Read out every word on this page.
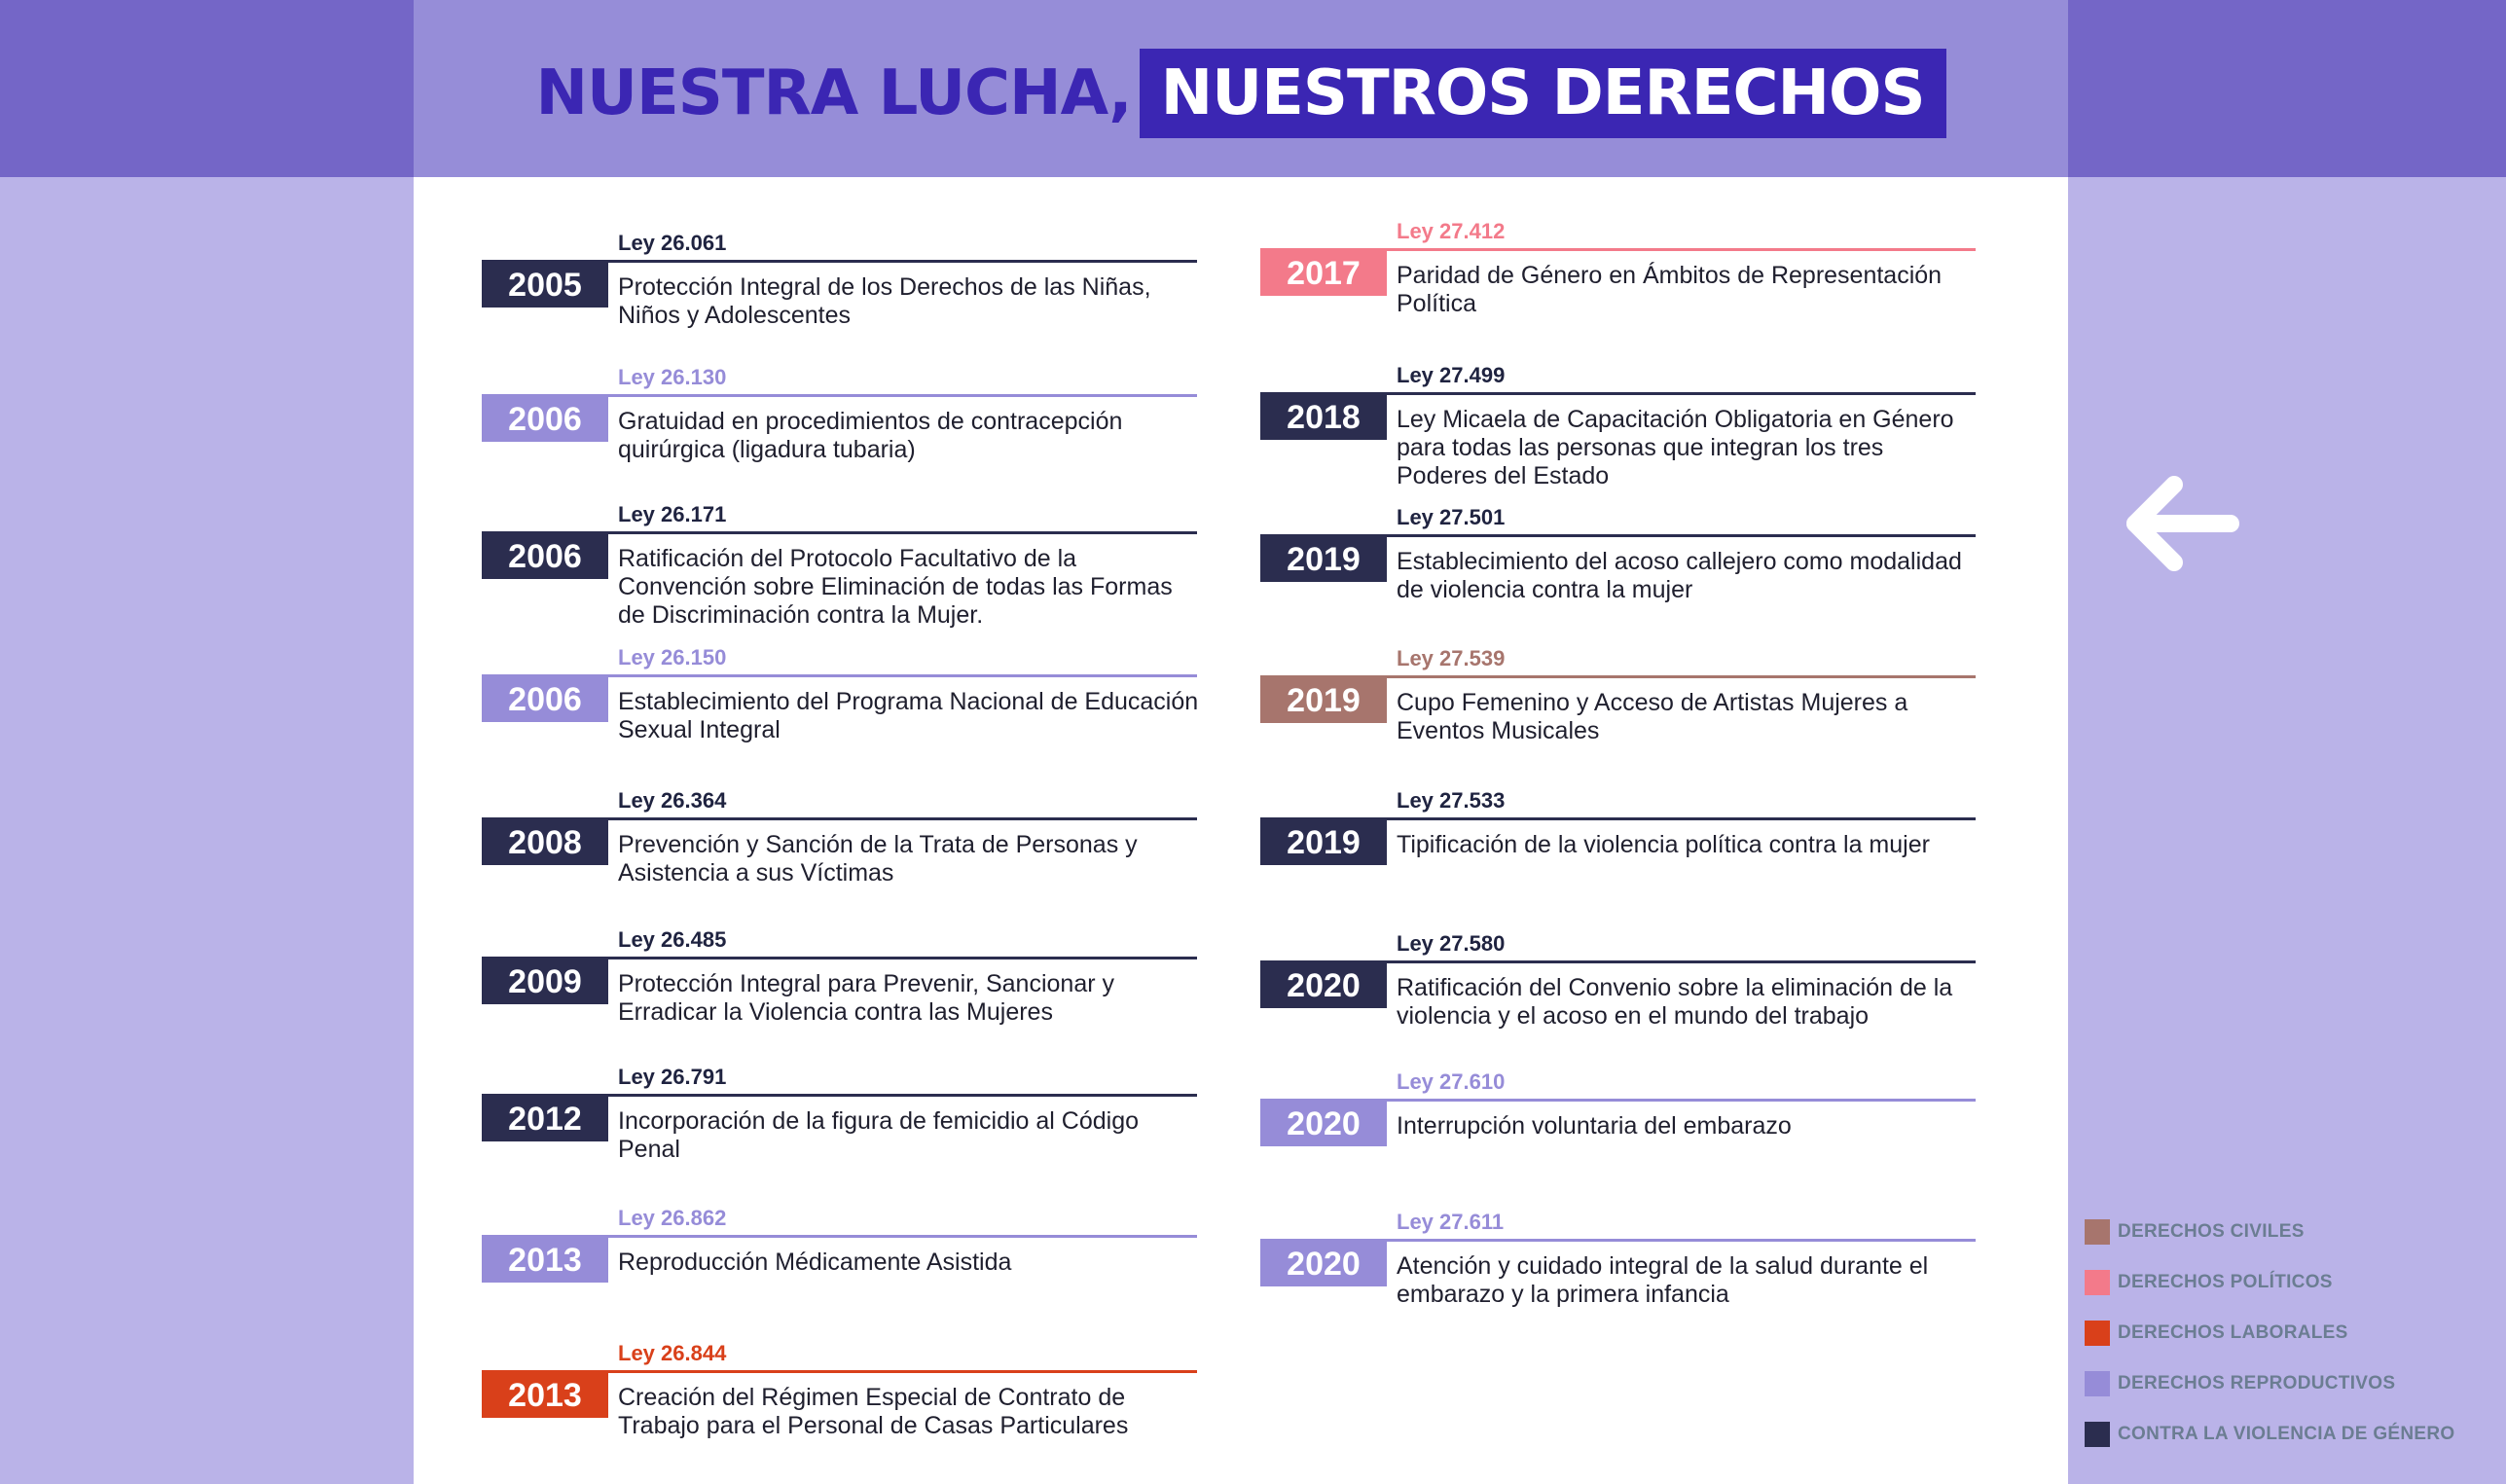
NUESTRA LUCHA, NUESTROS DERECHOS
Ley 26.061
2005	Protección Integral de los Derechos de las Niñas, Niños y Adolescentes
Ley 26.130
2006	Gratuidad en procedimientos de contracepción quirúrgica (ligadura tubaria)
Ley 26.171
2006	Ratificación del Protocolo Facultativo de la Convención sobre Eliminación de todas las Formas de Discriminación contra la Mujer.
Ley 26.150
2006	Establecimiento del Programa Nacional de Educación Sexual Integral
Ley 26.364
2008	Prevención y Sanción de la Trata de Personas y Asistencia a sus Víctimas
Ley 26.485
2009	Protección Integral para Prevenir, Sancionar y Erradicar la Violencia contra las Mujeres
Ley 26.791
2012	Incorporación de la figura de femicidio al Código Penal
Ley 26.862
2013	Reproducción Médicamente Asistida
Ley 26.844
2013	Creación del Régimen Especial de Contrato de Trabajo para el Personal de Casas Particulares
Ley 27.412
2017	Paridad de Género en Ámbitos de Representación Política
Ley 27.499
2018	Ley Micaela de Capacitación Obligatoria en Género para todas las personas que integran los tres Poderes del Estado
Ley 27.501
2019	Establecimiento del acoso callejero como modalidad de violencia contra la mujer
Ley 27.539
2019	Cupo Femenino y Acceso de Artistas Mujeres a Eventos Musicales
Ley 27.533
2019	Tipificación de la violencia política contra la mujer
Ley 27.580
2020	Ratificación del Convenio sobre la eliminación de la violencia y el acoso en el mundo del trabajo
Ley 27.610
2020	Interrupción voluntaria del embarazo
Ley 27.611
2020	Atención y cuidado integral de la salud durante el embarazo y la primera infancia
DERECHOS CIVILES
DERECHOS POLÍTICOS
DERECHOS LABORALES
DERECHOS REPRODUCTIVOS
CONTRA LA VIOLENCIA DE GÉNERO
